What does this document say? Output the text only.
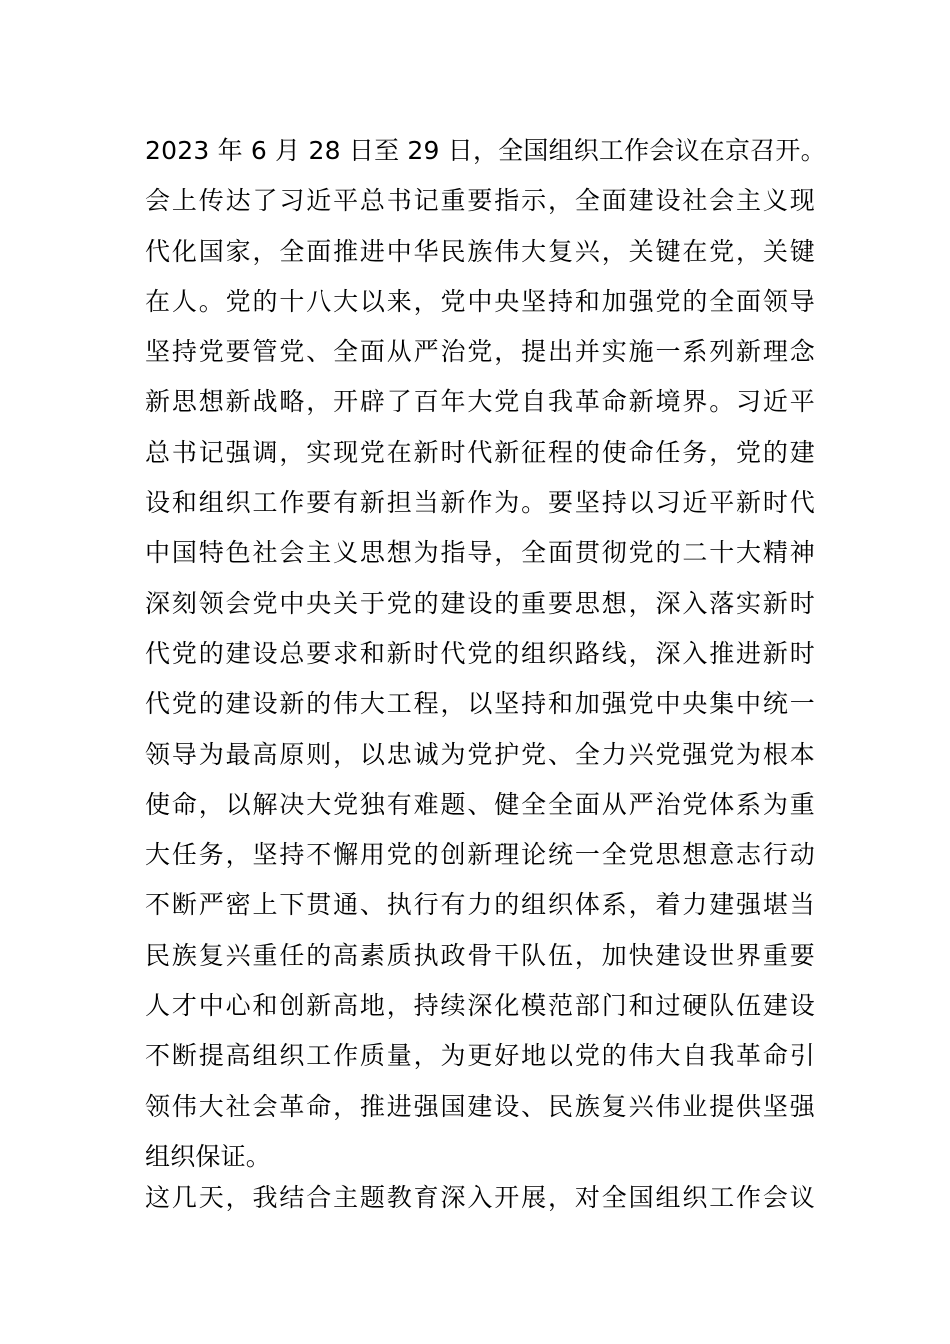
2023 年 6 月 28 日至 29 日，全国组织工作会议在京召开。
会上传达了习近平总书记重要指示，全面建设社会主义现
代化国家，全面推进中华民族伟大复兴，关键在党，关键
在人。党的十八大以来，党中央坚持和加强党的全面领导
坚持党要管党、全面从严治党，提出并实施一系列新理念
新思想新战略，开辟了百年大党自我革命新境界。习近平
总书记强调，实现党在新时代新征程的使命任务，党的建
设和组织工作要有新担当新作为。要坚持以习近平新时代
中国特色社会主义思想为指导，全面贯彻党的二十大精神
深刻领会党中央关于党的建设的重要思想，深入落实新时
代党的建设总要求和新时代党的组织路线，深入推进新时
代党的建设新的伟大工程，以坚持和加强党中央集中统一
领导为最高原则，以忠诚为党护党、全力兴党强党为根本
使命，以解决大党独有难题、健全全面从严治党体系为重
大任务，坚持不懈用党的创新理论统一全党思想意志行动
不断严密上下贯通、执行有力的组织体系，着力建强堪当
民族复兴重任的高素质执政骨干队伍，加快建设世界重要
人才中心和创新高地，持续深化模范部门和过硬队伍建设
不断提高组织工作质量，为更好地以党的伟大自我革命引
领伟大社会革命，推进强国建设、民族复兴伟业提供坚强
组织保证。
这几天，我结合主题教育深入开展，对全国组织工作会议
